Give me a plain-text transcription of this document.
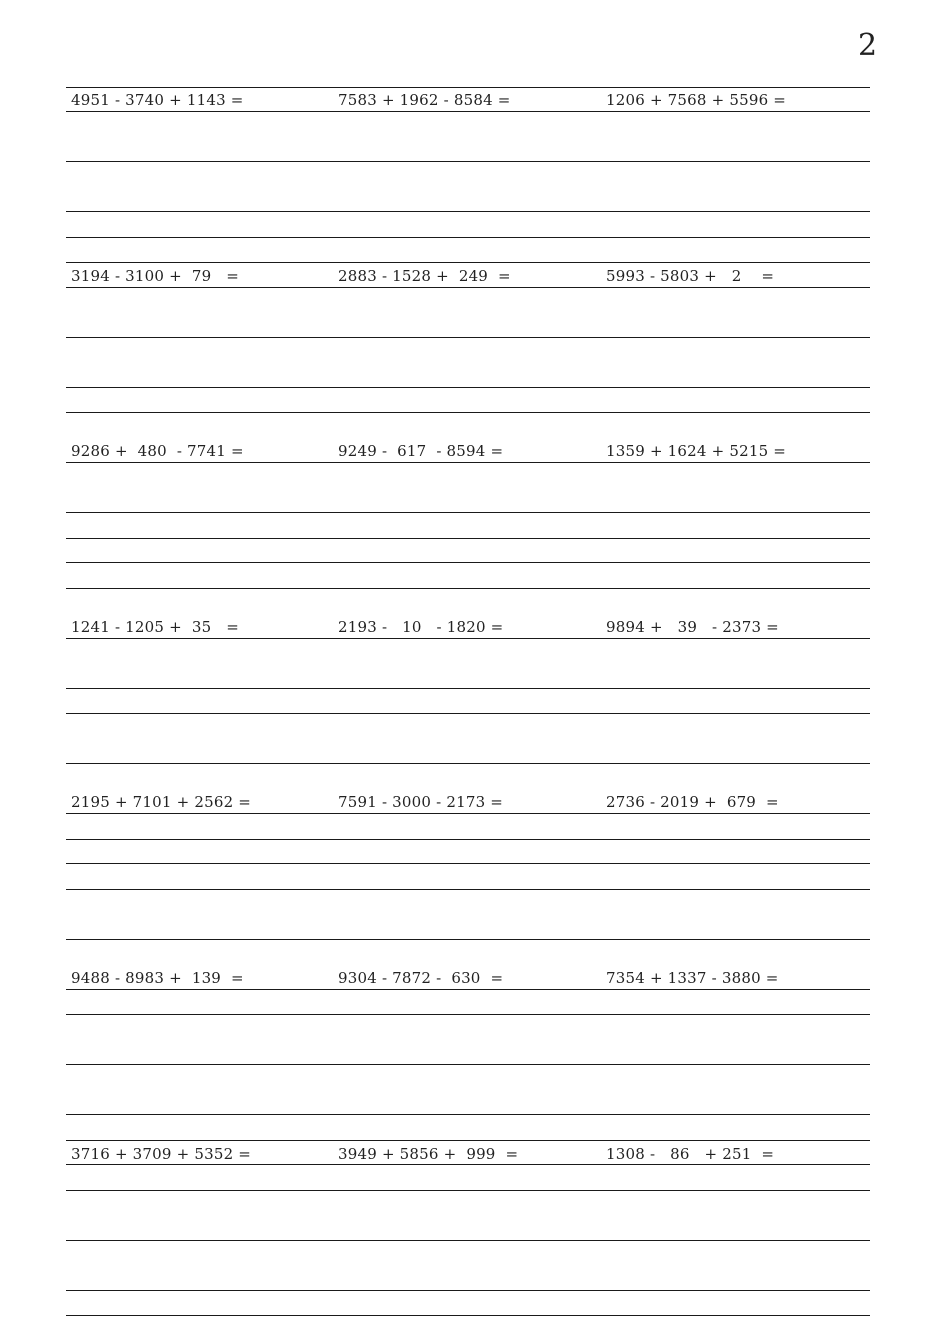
2
4951 - 3740 + 1143 =	7583 + 1962 - 8584 =	1206 + 7568 + 5596 =
3194 - 3100 +  79   =	2883 - 1528 +  249  =	5993 - 5803 +   2    =
9286 +  480  - 7741 =	9249 -  617  - 8594 =	1359 + 1624 + 5215 =
1241 - 1205 +  35   =	2193 -   10   - 1820 =	9894 +   39   - 2373 =
2195 + 7101 + 2562 =	7591 - 3000 - 2173 =	2736 - 2019 +  679  =
9488 - 8983 +  139  =	9304 - 7872 -  630  =	7354 + 1337 - 3880 =
3716 + 3709 + 5352 =	3949 + 5856 +  999  =	1308 -   86   + 251  =
